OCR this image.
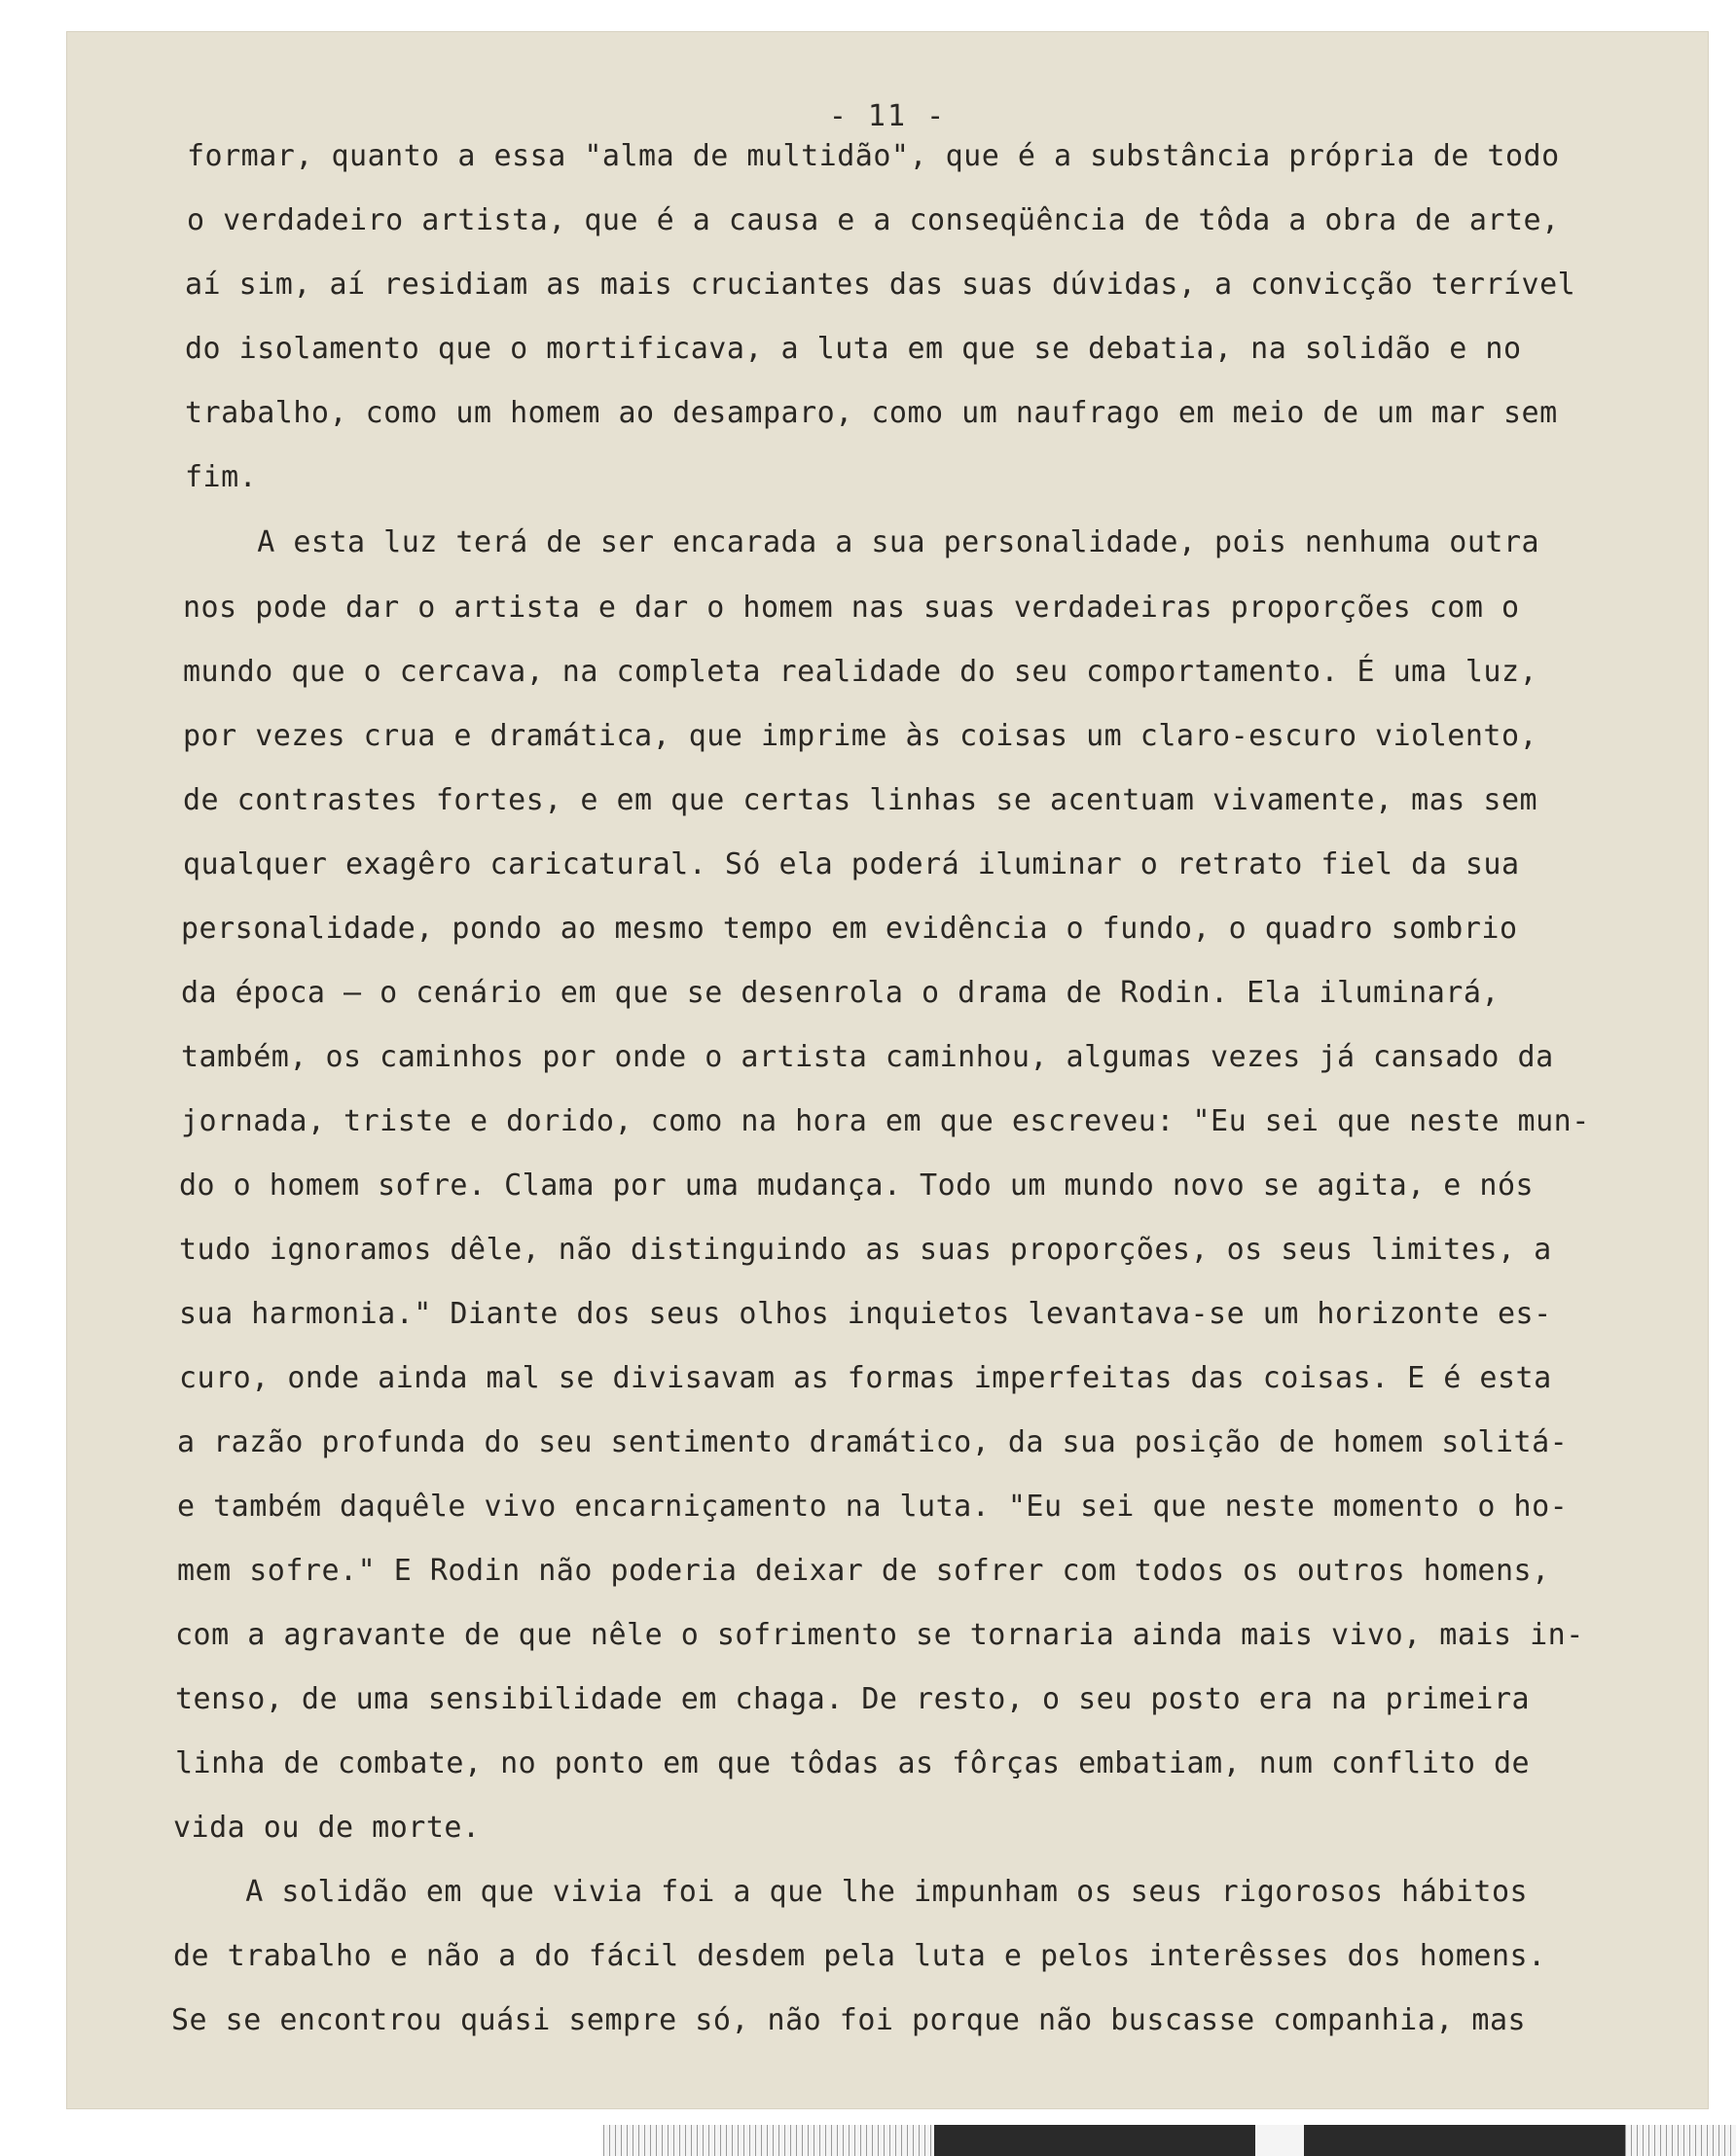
- 11 -
formar, quanto a essa "alma de multidão", que é a substância própria de todo
o verdadeiro artista, que é a causa e a conseqüência de tôda a obra de arte,
aí sim, aí residiam as mais cruciantes das suas dúvidas, a convicção terrível
do isolamento que o mortificava, a luta em que se debatia, na solidão e no
trabalho, como um homem ao desamparo, como um naufrago em meio de um mar sem
fim.
A esta luz terá de ser encarada a sua personalidade, pois nenhuma outra
nos pode dar o artista e dar o homem nas suas verdadeiras proporções com o
mundo que o cercava, na completa realidade do seu comportamento. É uma luz,
por vezes crua e dramática, que imprime às coisas um claro-escuro violento,
de contrastes fortes, e em que certas linhas se acentuam vivamente, mas sem
qualquer exagêro caricatural. Só ela poderá iluminar o retrato fiel da sua
personalidade, pondo ao mesmo tempo em evidência o fundo, o quadro sombrio
da época — o cenário em que se desenrola o drama de Rodin. Ela iluminará,
também, os caminhos por onde o artista caminhou, algumas vezes já cansado da
jornada, triste e dorido, como na hora em que escreveu: "Eu sei que neste mun-
do o homem sofre. Clama por uma mudança. Todo um mundo novo se agita, e nós
tudo ignoramos dêle, não distinguindo as suas proporções, os seus limites, a
sua harmonia." Diante dos seus olhos inquietos levantava-se um horizonte es-
curo, onde ainda mal se divisavam as formas imperfeitas das coisas. E é esta
a razão profunda do seu sentimento dramático, da sua posição de homem solitá-
e também daquêle vivo encarniçamento na luta. "Eu sei que neste momento o ho-
mem sofre." E Rodin não poderia deixar de sofrer com todos os outros homens,
com a agravante de que nêle o sofrimento se tornaria ainda mais vivo, mais in-
tenso, de uma sensibilidade em chaga. De resto, o seu posto era na primeira
linha de combate, no ponto em que tôdas as fôrças embatiam, num conflito de
vida ou de morte.
A solidão em que vivia foi a que lhe impunham os seus rigorosos hábitos
de trabalho e não a do fácil desdem pela luta e pelos interêsses dos homens.
Se se encontrou quási sempre só, não foi porque não buscasse companhia, mas
